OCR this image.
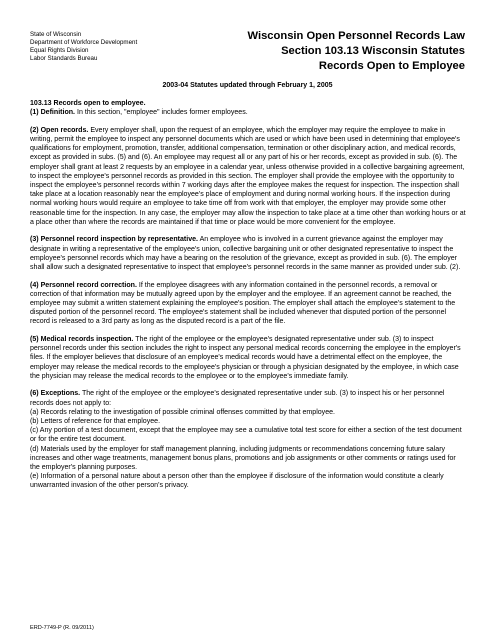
State of Wisconsin
Department of Workforce Development
Equal Rights Division
Labor Standards Bureau
Wisconsin Open Personnel Records Law
Section 103.13 Wisconsin Statutes
Records Open to Employee
2003-04 Statutes updated through February 1, 2005

103.13 Records open to employee.

(1) Definition. In this section, "employee" includes former employees.

(2) Open records. Every employer shall, upon the request of an employee, which the employer may require the employee to make in writing, permit the employee to inspect any personnel documents which are used or which have been used in determining that employee's qualifications for employment, promotion, transfer, additional compensation, termination or other disciplinary action, and medical records, except as provided in subs. (5) and (6). An employee may request all or any part of his or her records, except as provided in sub. (6). The employer shall grant at least 2 requests by an employee in a calendar year, unless otherwise provided in a collective bargaining agreement, to inspect the employee's personnel records as provided in this section. The employer shall provide the employee with the opportunity to inspect the employee's personnel records within 7 working days after the employee makes the request for inspection. The inspection shall take place at a location reasonably near the employee's place of employment and during normal working hours. If the inspection during normal working hours would require an employee to take time off from work with that employer, the employer may provide some other reasonable time for the inspection. In any case, the employer may allow the inspection to take place at a time other than working hours or at a place other than where the records are maintained if that time or place would be more convenient for the employee.

(3) Personnel record inspection by representative. An employee who is involved in a current grievance against the employer may designate in writing a representative of the employee's union, collective bargaining unit or other designated representative to inspect the employee's personnel records which may have a bearing on the resolution of the grievance, except as provided in sub. (6). The employer shall allow such a designated representative to inspect that employee's personnel records in the same manner as provided under sub. (2).

(4) Personnel record correction. If the employee disagrees with any information contained in the personnel records, a removal or correction of that information may be mutually agreed upon by the employer and the employee. If an agreement cannot be reached, the employee may submit a written statement explaining the employee's position. The employer shall attach the employee's statement to the disputed portion of the personnel record. The employee's statement shall be included whenever that disputed portion of the personnel record is released to a 3rd party as long as the disputed record is a part of the file.

(5) Medical records inspection. The right of the employee or the employee's designated representative under sub. (3) to inspect personnel records under this section includes the right to inspect any personal medical records concerning the employee in the employer's files. If the employer believes that disclosure of an employee's medical records would have a detrimental effect on the employee, the employer may release the medical records to the employee's physician or through a physician designated by the employee, in which case the physician may release the medical records to the employee or to the employee's immediate family.

(6) Exceptions. The right of the employee or the employee's designated representative under sub. (3) to inspect his or her personnel records does not apply to:

(a) Records relating to the investigation of possible criminal offenses committed by that employee.

(b) Letters of reference for that employee.

(c) Any portion of a test document, except that the employee may see a cumulative total test score for either a section of the test document or for the entire test document.

(d) Materials used by the employer for staff management planning, including judgments or recommendations concerning future salary increases and other wage treatments, management bonus plans, promotions and job assignments or other comments or ratings used for the employer's planning purposes.

(e) Information of a personal nature about a person other than the employee if disclosure of the information would constitute a clearly unwarranted invasion of the other person's privacy.

ERD-7749-P (R. 09/2011)
